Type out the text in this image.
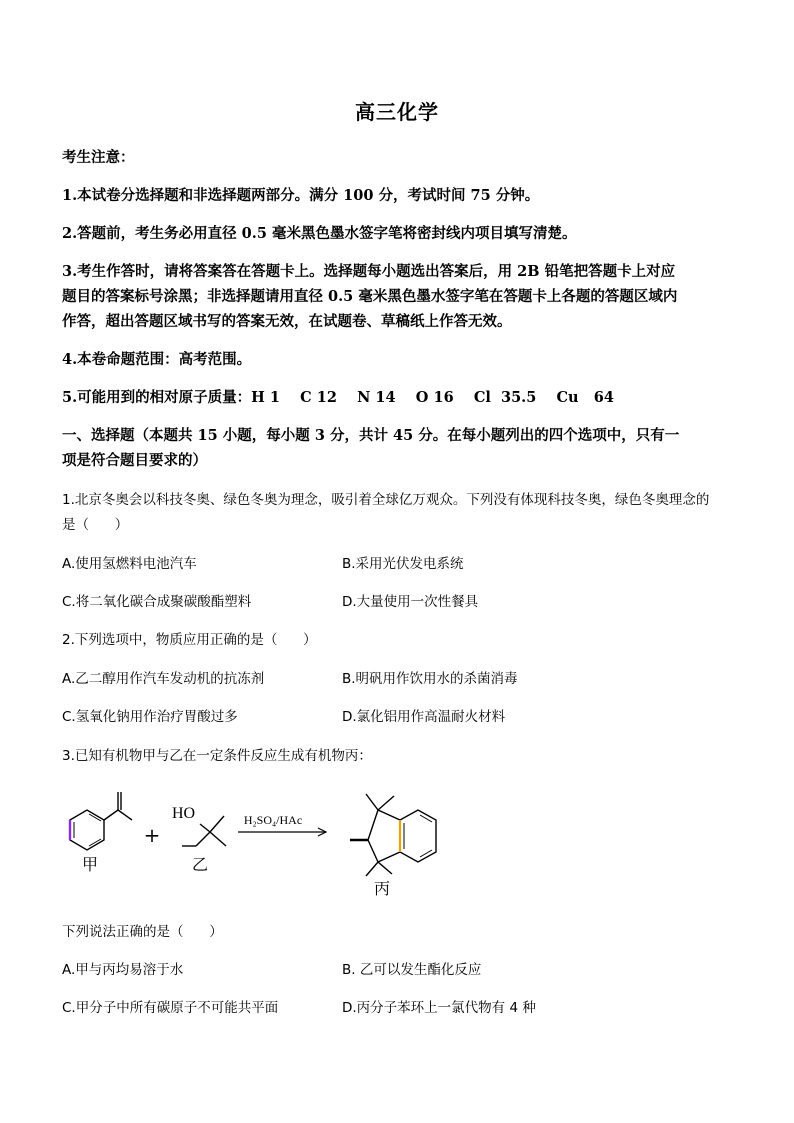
高三化学
考生注意：
1.本试卷分选择题和非选择题两部分。满分 100 分，考试时间 75 分钟。
2.答题前，考生务必用直径 0.5 毫米黑色墨水签字笔将密封线内项目填写清楚。
3.考生作答时，请将答案答在答题卡上。选择题每小题选出答案后，用 2B 铅笔把答题卡上对应
题目的答案标号涂黑；非选择题请用直径 0.5 毫米黑色墨水签字笔在答题卡上各题的答题区域内
作答，超出答题区域书写的答案无效，在试题卷、草稿纸上作答无效。
4.本卷命题范围：高考范围。
5.可能用到的相对原子质量：H 1    C 12    N 14    O 16    Cl  35.5    Cu   64
一、选择题（本题共 15 小题，每小题 3 分，共计 45 分。在每小题列出的四个选项中，只有一
项是符合题目要求的）
1.北京冬奥会以科技冬奥、绿色冬奥为理念，吸引着全球亿万观众。下列没有体现科技冬奥，绿色冬奥理念的
是（      ）
A.使用氢燃料电池汽车	B.采用光伏发电系统
C.将二氧化碳合成聚碳酸酯塑料	D.大量使用一次性餐具
2.下列选项中，物质应用正确的是（      ）
A.乙二醇用作汽车发动机的抗冻剂	B.明矾用作饮用水的杀菌消毒
C.氢氧化钠用作治疗胃酸过多	D.氯化铝用作高温耐火材料
3.已知有机物甲与乙在一定条件反应生成有机物丙：
甲
+
HO
乙
H₂SO₄/HAc
丙
下列说法正确的是（      ）
A.甲与丙均易溶于水	B. 乙可以发生酯化反应
C.甲分子中所有碳原子不可能共平面	D.丙分子苯环上一氯代物有 4 种
